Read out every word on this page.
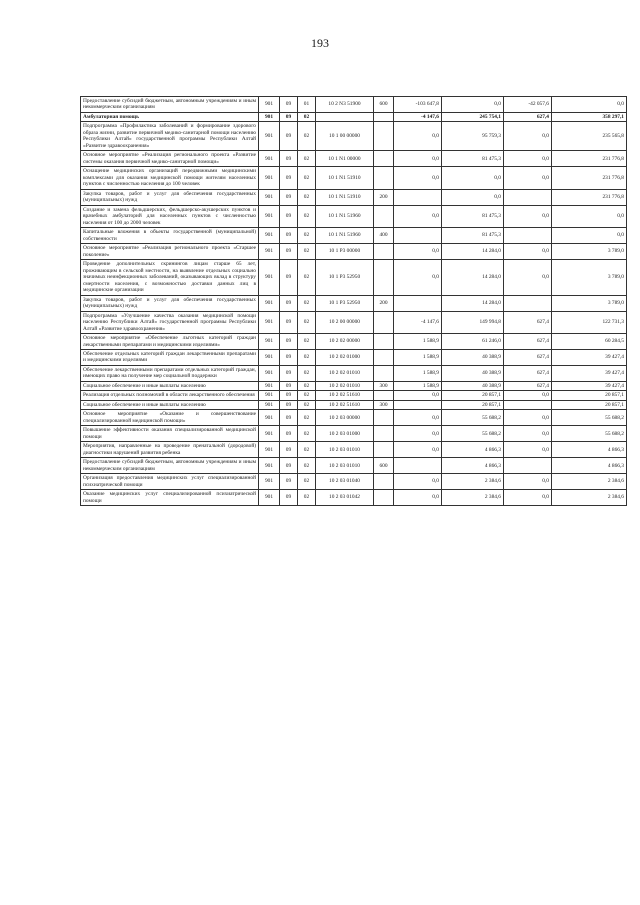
193
Предоставление субсидий бюджетным, автономным учреждениям и иным некоммерческим организациям	901	09	01	10 2 N3 51900	600	-103 647,8	0,0	-42 057,6	0,0
Амбулаторная помощь	901	09	02			-4 147,6	245 754,1	627,4	358 297,1
Подпрограмма «Профилактика заболеваний и формирование здорового образа жизни, развитие первичной медико-санитарной помощи населению Республики Алтай» государственной программы Республики Алтай «Развитие здравоохранения»	901	09	02	10 1 00 00000		0,0	95 759,3	0,0	235 565,8
Основное мероприятие «Реализация регионального проекта «Развитие системы оказания первичной медико-санитарной помощи»	901	09	02	10 1 N1 00000		0,0	81 475,3	0,0	231 776,8
Оснащение медицинских организаций передвижными медицинскими комплексами для оказания медицинской помощи жителям населенных пунктов с численностью населения до 100 человек	901	09	02	10 1 N1 51910		0,0	0,0	0,0	231 776,8
Закупка товаров, работ и услуг для обеспечения государственных (муниципальных) нужд	901	09	02	10 1 N1 51910	200		0,0		231 776,8
Создание и замена фельдшерских, фельдшерско-акушерских пунктов и врачебных амбулаторий для населенных пунктов с численностью населения от 100 до 2000 человек	901	09	02	10 1 N1 51960		0,0	81 475,3	0,0	0,0
Капитальные вложения в объекты государственной (муниципальной) собственности	901	09	02	10 1 N1 51960	400		81 475,3		0,0
Основное мероприятие «Реализация регионального проекта «Старшее поколение»	901	09	02	10 1 P3 00000		0,0	14 284,0	0,0	3 789,0
Проведение дополнительных скринингов лицам старше 65 лет, проживающим в сельской местности, на выявление отдельных социально значимых неинфекционных заболеваний, оказывающих вклад в структуру смертности населения, с возможностью доставки данных лиц в медицинские организации	901	09	02	10 1 P3 52950		0,0	14 284,0	0,0	3 789,0
Закупка товаров, работ и услуг для обеспечения государственных (муниципальных) нужд	901	09	02	10 1 P3 52950	200		14 284,0		3 789,0
Подпрограмма «Улучшение качества оказания медицинской помощи населению Республики Алтай» государственной программы Республики Алтай «Развитие здравоохранения»	901	09	02	10 2 00 00000		-4 147,6	149 994,8	627,4	122 731,3
Основное мероприятие «Обеспечение льготных категорий граждан лекарственными препаратами и медицинскими изделиями»	901	09	02	10 2 02 00000		1 588,9	61 246,0	627,4	60 284,5
Обеспечение отдельных категорий граждан лекарственными препаратами и медицинскими изделиями	901	09	02	10 2 02 01000		1 588,9	40 388,9	627,4	39 427,4
Обеспечение лекарственными препаратами отдельных категорий граждан, имеющих право на получение мер социальной поддержки	901	09	02	10 2 02 01010		1 588,9	40 388,9	627,4	39 427,4
Социальное обеспечение и иные выплаты населению	901	09	02	10 2 02 01010	300	1 588,9	40 388,9	627,4	39 427,4
Реализация отдельных полномочий в области лекарственного обеспечения	901	09	02	10 2 02 51610		0,0	20 857,1	0,0	20 857,1
Социальное обеспечение и иные выплаты населению	901	09	02	10 2 02 51610	300		20 857,1		20 857,1
Основное мероприятие «Оказание и совершенствование специализированной медицинской помощи»	901	09	02	10 2 03 00000		0,0	55 688,2	0,0	55 688,2
Повышение эффективности оказания специализированной медицинской помощи	901	09	02	10 2 03 01000		0,0	55 688,2	0,0	55 688,2
Мероприятия, направленные на проведение пренатальной (дородовой) диагностики нарушений развития ребенка	901	09	02	10 2 03 01010		0,0	4 866,3	0,0	4 866,3
Предоставление субсидий бюджетным, автономным учреждениям и иным некоммерческим организациям	901	09	02	10 2 03 01010	600		4 866,3		4 866,3
Организация предоставления медицинских услуг специализированной психиатрической помощи	901	09	02	10 2 03 01040		0,0	2 384,6	0,0	2 384,6
Оказание медицинских услуг специализированной психиатрической помощи	901	09	02	10 2 03 01042		0,0	2 384,6	0,0	2 384,6
